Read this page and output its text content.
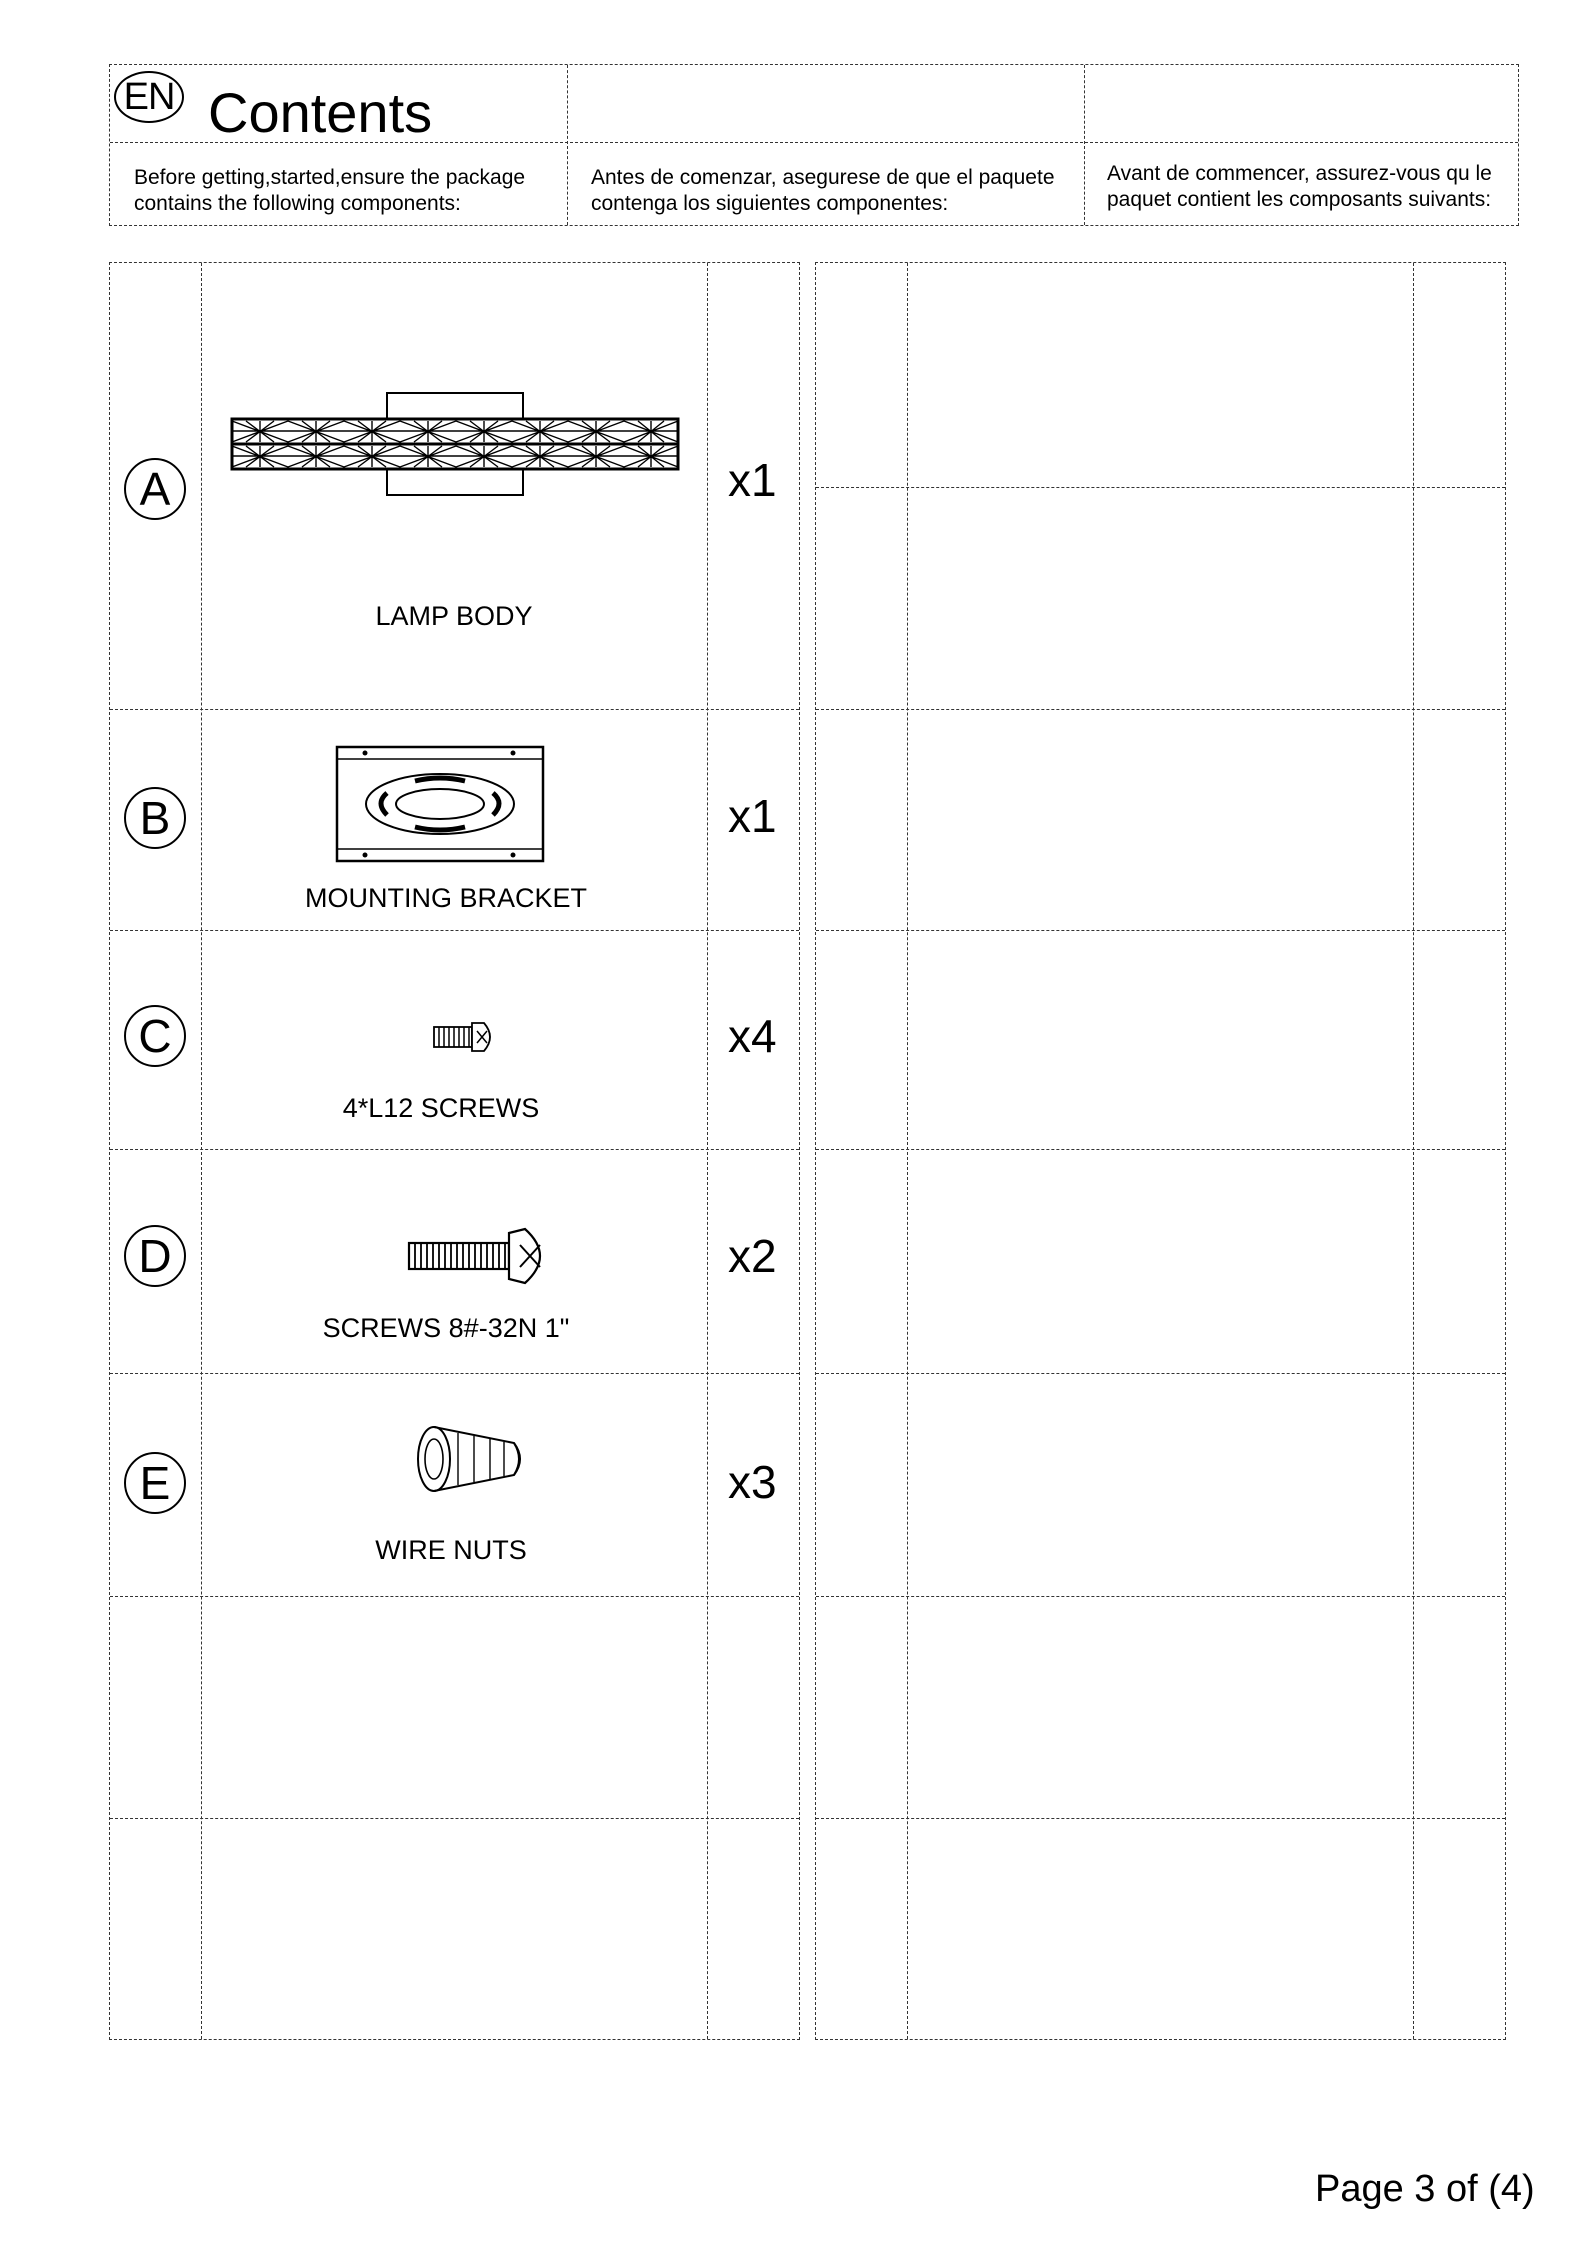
EN Contents
Before getting,started,ensure the package
contains the following components:
Antes de comenzar, asegurese de que el paquete
contenga los siguientes componentes:
Avant de commencer, assurez-vous qu le
paquet contient les composants suivants:
A
LAMP BODY
x1
B
MOUNTING BRACKET
x1
C
4*L12 SCREWS
x4
D
SCREWS 8#-32N 1"
x2
E
WIRE NUTS
x3
Page 3 of (4)
